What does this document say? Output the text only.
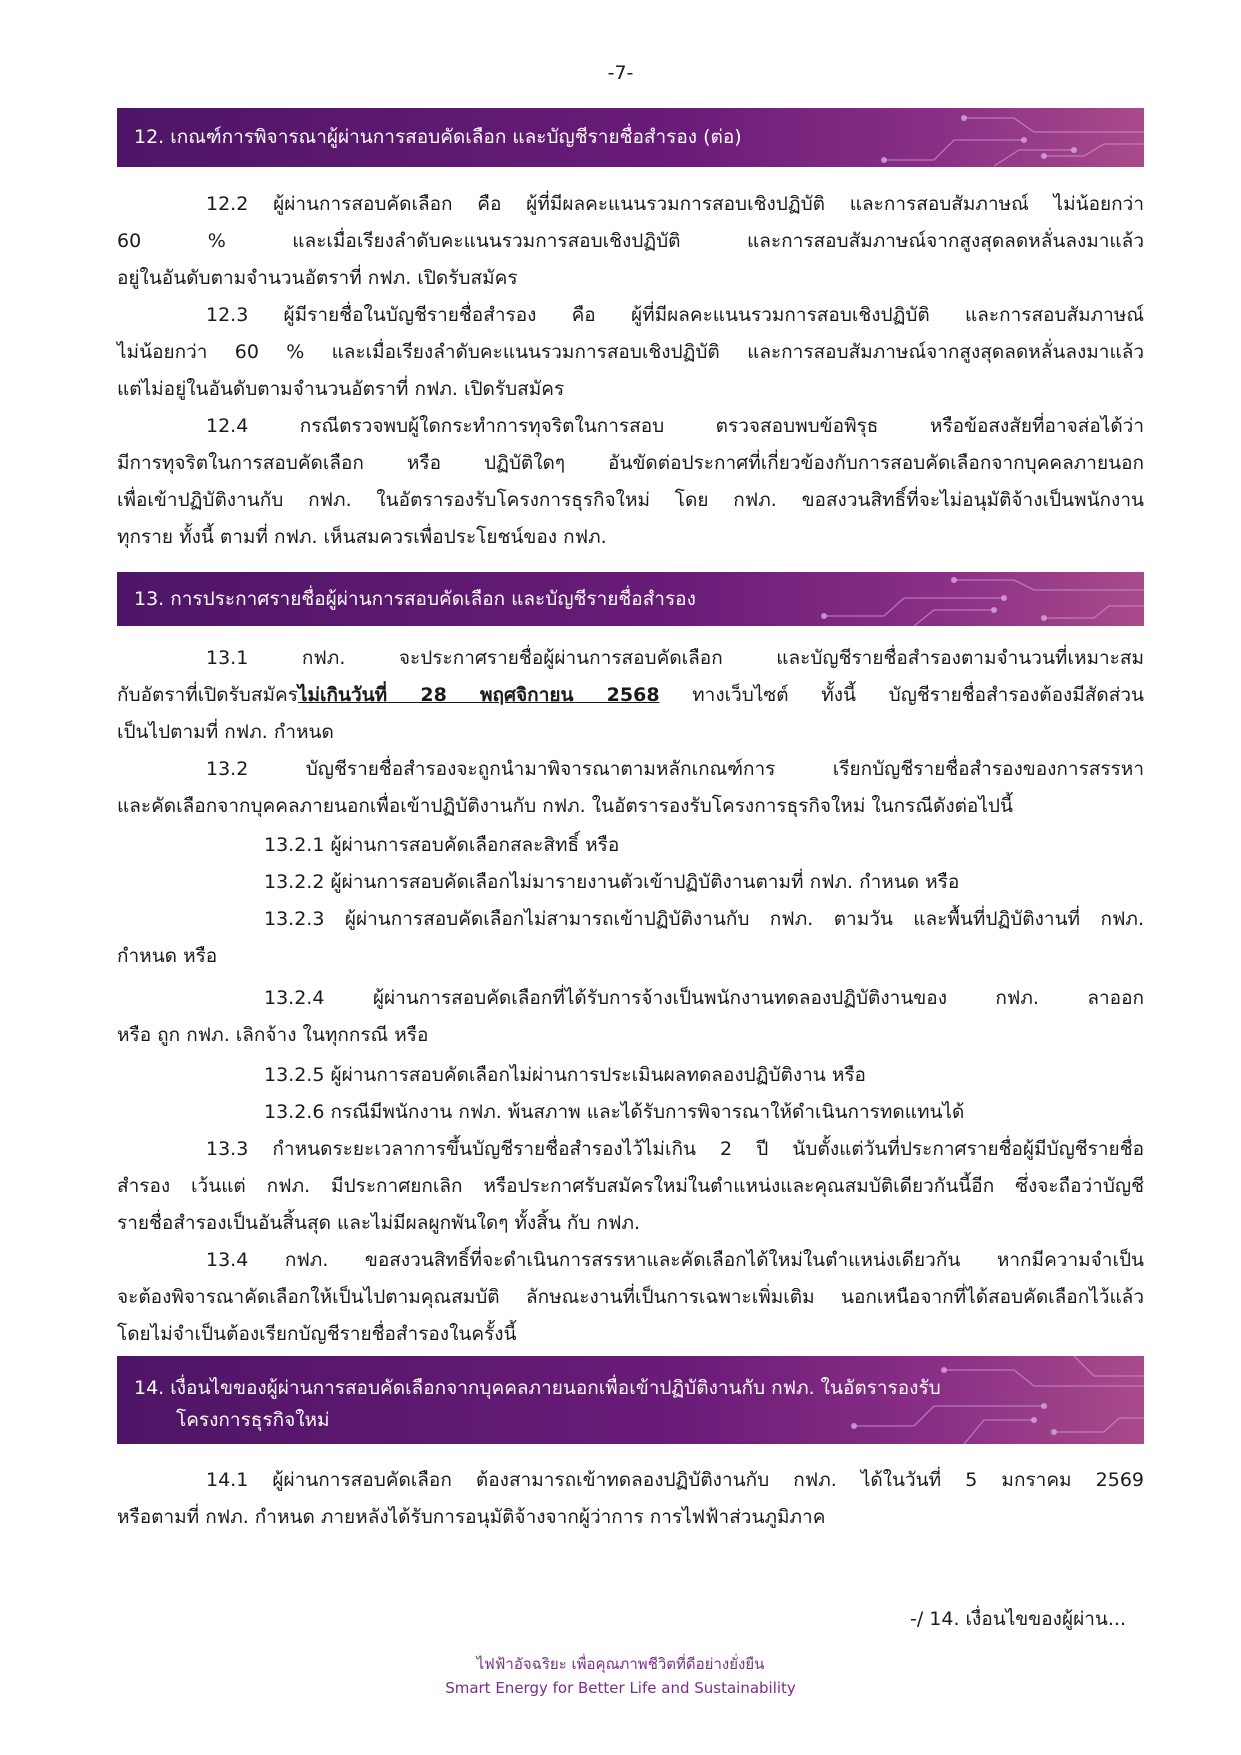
-7-
12. เกณฑ์การพิจารณาผู้ผ่านการสอบคัดเลือก และบัญชีรายชื่อสำรอง (ต่อ)
12.2 ผู้ผ่านการสอบคัดเลือก คือ ผู้ที่มีผลคะแนนรวมการสอบเชิงปฏิบัติ และการสอบสัมภาษณ์ ไม่น้อยกว่า
60 % และเมื่อเรียงลำดับคะแนนรวมการสอบเชิงปฏิบัติ และการสอบสัมภาษณ์จากสูงสุดลดหลั่นลงมาแล้ว
อยู่ในอันดับตามจำนวนอัตราที่ กฟภ. เปิดรับสมัคร
12.3 ผู้มีรายชื่อในบัญชีรายชื่อสำรอง คือ ผู้ที่มีผลคะแนนรวมการสอบเชิงปฏิบัติ และการสอบสัมภาษณ์
ไม่น้อยกว่า 60 % และเมื่อเรียงลำดับคะแนนรวมการสอบเชิงปฏิบัติ และการสอบสัมภาษณ์จากสูงสุดลดหลั่นลงมาแล้ว
แต่ไม่อยู่ในอันดับตามจำนวนอัตราที่ กฟภ. เปิดรับสมัคร
12.4 กรณีตรวจพบผู้ใดกระทำการทุจริตในการสอบ ตรวจสอบพบข้อพิรุธ หรือข้อสงสัยที่อาจส่อได้ว่า
มีการทุจริตในการสอบคัดเลือก หรือ ปฏิบัติใดๆ อันขัดต่อประกาศที่เกี่ยวข้องกับการสอบคัดเลือกจากบุคคลภายนอก
เพื่อเข้าปฏิบัติงานกับ กฟภ. ในอัตรารองรับโครงการธุรกิจใหม่ โดย กฟภ. ขอสงวนสิทธิ์ที่จะไม่อนุมัติจ้างเป็นพนักงาน
ทุกราย ทั้งนี้ ตามที่ กฟภ. เห็นสมควรเพื่อประโยชน์ของ กฟภ.
13. การประกาศรายชื่อผู้ผ่านการสอบคัดเลือก และบัญชีรายชื่อสำรอง
13.1 กฟภ. จะประกาศรายชื่อผู้ผ่านการสอบคัดเลือก และบัญชีรายชื่อสำรองตามจำนวนที่เหมาะสม
กับอัตราที่เปิดรับสมัครไม่เกินวันที่ 28 พฤศจิกายน 2568 ทางเว็บไซต์ ทั้งนี้ บัญชีรายชื่อสำรองต้องมีสัดส่วน
เป็นไปตามที่ กฟภ. กำหนด
13.2 บัญชีรายชื่อสำรองจะถูกนำมาพิจารณาตามหลักเกณฑ์การ เรียกบัญชีรายชื่อสำรองของการสรรหา
และคัดเลือกจากบุคคลภายนอกเพื่อเข้าปฏิบัติงานกับ กฟภ. ในอัตรารองรับโครงการธุรกิจใหม่ ในกรณีดังต่อไปนี้
13.2.1 ผู้ผ่านการสอบคัดเลือกสละสิทธิ์ หรือ
13.2.2 ผู้ผ่านการสอบคัดเลือกไม่มารายงานตัวเข้าปฏิบัติงานตามที่ กฟภ. กำหนด หรือ
13.2.3 ผู้ผ่านการสอบคัดเลือกไม่สามารถเข้าปฏิบัติงานกับ กฟภ. ตามวัน และพื้นที่ปฏิบัติงานที่ กฟภ.
กำหนด หรือ
13.2.4 ผู้ผ่านการสอบคัดเลือกที่ได้รับการจ้างเป็นพนักงานทดลองปฏิบัติงานของ กฟภ. ลาออก
หรือ ถูก กฟภ. เลิกจ้าง ในทุกกรณี หรือ
13.2.5 ผู้ผ่านการสอบคัดเลือกไม่ผ่านการประเมินผลทดลองปฏิบัติงาน หรือ
13.2.6 กรณีมีพนักงาน กฟภ. พ้นสภาพ และได้รับการพิจารณาให้ดำเนินการทดแทนได้
13.3 กำหนดระยะเวลาการขึ้นบัญชีรายชื่อสำรองไว้ไม่เกิน 2 ปี นับตั้งแต่วันที่ประกาศรายชื่อผู้มีบัญชีรายชื่อ
สำรอง เว้นแต่ กฟภ. มีประกาศยกเลิก หรือประกาศรับสมัครใหม่ในตำแหน่งและคุณสมบัติเดียวกันนี้อีก ซึ่งจะถือว่าบัญชี
รายชื่อสำรองเป็นอันสิ้นสุด และไม่มีผลผูกพันใดๆ ทั้งสิ้น กับ กฟภ.
13.4 กฟภ. ขอสงวนสิทธิ์ที่จะดำเนินการสรรหาและคัดเลือกได้ใหม่ในตำแหน่งเดียวกัน หากมีความจำเป็น
จะต้องพิจารณาคัดเลือกให้เป็นไปตามคุณสมบัติ ลักษณะงานที่เป็นการเฉพาะเพิ่มเติม นอกเหนือจากที่ได้สอบคัดเลือกไว้แล้ว
โดยไม่จำเป็นต้องเรียกบัญชีรายชื่อสำรองในครั้งนี้
14. เงื่อนไขของผู้ผ่านการสอบคัดเลือกจากบุคคลภายนอกเพื่อเข้าปฏิบัติงานกับ กฟภ. ในอัตรารองรับ
โครงการธุรกิจใหม่
14.1 ผู้ผ่านการสอบคัดเลือก ต้องสามารถเข้าทดลองปฏิบัติงานกับ กฟภ. ได้ในวันที่ 5 มกราคม 2569
หรือตามที่ กฟภ. กำหนด ภายหลังได้รับการอนุมัติจ้างจากผู้ว่าการ การไฟฟ้าส่วนภูมิภาค
-/ 14. เงื่อนไขของผู้ผ่าน...
ไฟฟ้าอัจฉริยะ เพื่อคุณภาพชีวิตที่ดีอย่างยั่งยืน
Smart Energy for Better Life and Sustainability
